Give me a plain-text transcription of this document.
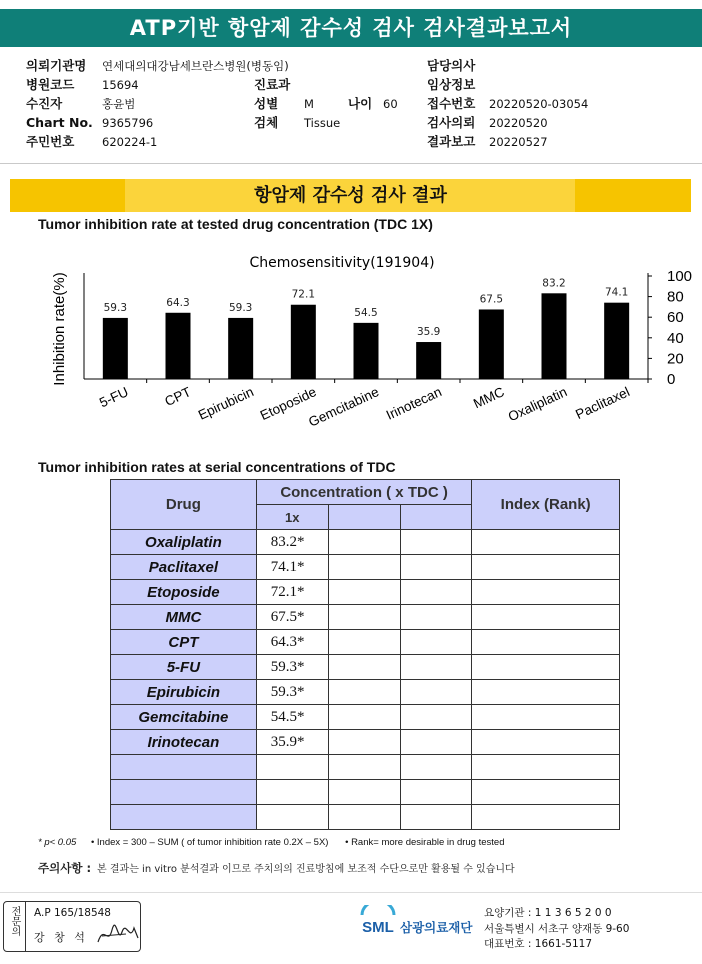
ATP기반 항암제 감수성 검사 검사결과보고서
의뢰기관명 연세대의대강남세브란스병원(병동임)
병원코드 15694
수진자	홍윤범
Chart No. 9365796
주민번호 620224-1
진료과
성별 M	나이 60
검체 Tissue
담당의사
임상정보
접수번호 20220520-03054
검사의뢰 20220520
결과보고 20220527
항암제 감수성 검사 결과
Tumor inhibition rate at tested drug concentration (TDC 1X)
Chemosensitivity(191904)
Inhibition rate(%)	0
20
40
60
80
100
59.3
5-FU
64.3
CPT
59.3
Epirubicin
72.1
Etoposide
54.5
Gemcitabine
35.9
Irinotecan
67.5
MMC
83.2
Oxaliplatin
74.1
Paclitaxel
Tumor inhibition rates at serial concentrations of TDC
Drug	Concentration ( x TDC )			Index (Rank)
	1x			
Oxaliplatin	83.2*			
Paclitaxel	74.1*			
Etoposide	72.1*			
MMC	67.5*			
CPT	64.3*			
5-FU	59.3*			
Epirubicin	59.3*			
Gemcitabine	54.5*			
Irinotecan	35.9*			

* p< 0.05 • Index = 300 – SUM ( of tumor inhibition rate 0.2X – 5X) • Rank= more desirable in drug tested
주의사항 : 본 결과는 in vitro 분석결과 이므로 주치의의 진료방침에 보조적 수단으로만 활용될 수 있습니다
전문의	A.P 165/18548
강 창 석
SML 삼광의료재단
요양기관 : 1 1 3 6 5 2 0 0
서울특별시 서초구 양재동 9-60
대표번호 : 1661-5117
